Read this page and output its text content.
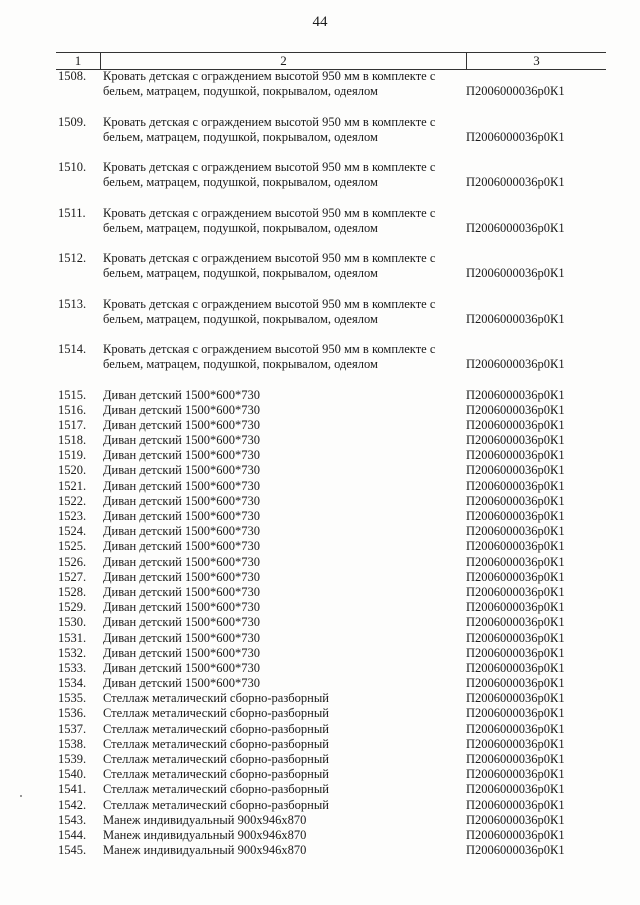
44
1	2	3
1508.	Кровать детская с ограждением высотой 950 мм в комплекте с бельем, матрацем, подушкой, покрывалом, одеялом	П2006000036р0К1
1509.	Кровать детская с ограждением высотой 950 мм в комплекте с бельем, матрацем, подушкой, покрывалом, одеялом	П2006000036р0К1
1510.	Кровать детская с ограждением высотой 950 мм в комплекте с бельем, матрацем, подушкой, покрывалом, одеялом	П2006000036р0К1
1511.	Кровать детская с ограждением высотой 950 мм в комплекте с бельем, матрацем, подушкой, покрывалом, одеялом	П2006000036р0К1
1512.	Кровать детская с ограждением высотой 950 мм в комплекте с бельем, матрацем, подушкой, покрывалом, одеялом	П2006000036р0К1
1513.	Кровать детская с ограждением высотой 950 мм в комплекте с бельем, матрацем, подушкой, покрывалом, одеялом	П2006000036р0К1
1514.	Кровать детская с ограждением высотой 950 мм в комплекте с бельем, матрацем, подушкой, покрывалом, одеялом	П2006000036р0К1
1515.	Диван детский 1500*600*730	П2006000036р0К1
1516.	Диван детский 1500*600*730	П2006000036р0К1
1517.	Диван детский 1500*600*730	П2006000036р0К1
1518.	Диван детский 1500*600*730	П2006000036р0К1
1519.	Диван детский 1500*600*730	П2006000036р0К1
1520.	Диван детский 1500*600*730	П2006000036р0К1
1521.	Диван детский 1500*600*730	П2006000036р0К1
1522.	Диван детский 1500*600*730	П2006000036р0К1
1523.	Диван детский 1500*600*730	П2006000036р0К1
1524.	Диван детский 1500*600*730	П2006000036р0К1
1525.	Диван детский 1500*600*730	П2006000036р0К1
1526.	Диван детский 1500*600*730	П2006000036р0К1
1527.	Диван детский 1500*600*730	П2006000036р0К1
1528.	Диван детский 1500*600*730	П2006000036р0К1
1529.	Диван детский 1500*600*730	П2006000036р0К1
1530.	Диван детский 1500*600*730	П2006000036р0К1
1531.	Диван детский 1500*600*730	П2006000036р0К1
1532.	Диван детский 1500*600*730	П2006000036р0К1
1533.	Диван детский 1500*600*730	П2006000036р0К1
1534.	Диван детский 1500*600*730	П2006000036р0К1
1535.	Стеллаж металический сборно-разборный	П2006000036р0К1
1536.	Стеллаж металический сборно-разборный	П2006000036р0К1
1537.	Стеллаж металический сборно-разборный	П2006000036р0К1
1538.	Стеллаж металический сборно-разборный	П2006000036р0К1
1539.	Стеллаж металический сборно-разборный	П2006000036р0К1
1540.	Стеллаж металический сборно-разборный	П2006000036р0К1
1541.	Стеллаж металический сборно-разборный	П2006000036р0К1
1542.	Стеллаж металический сборно-разборный	П2006000036р0К1
1543.	Манеж индивидуальный 900x946x870	П2006000036р0К1
1544.	Манеж индивидуальный 900x946x870	П2006000036р0К1
1545.	Манеж индивидуальный 900x946x870	П2006000036р0К1
